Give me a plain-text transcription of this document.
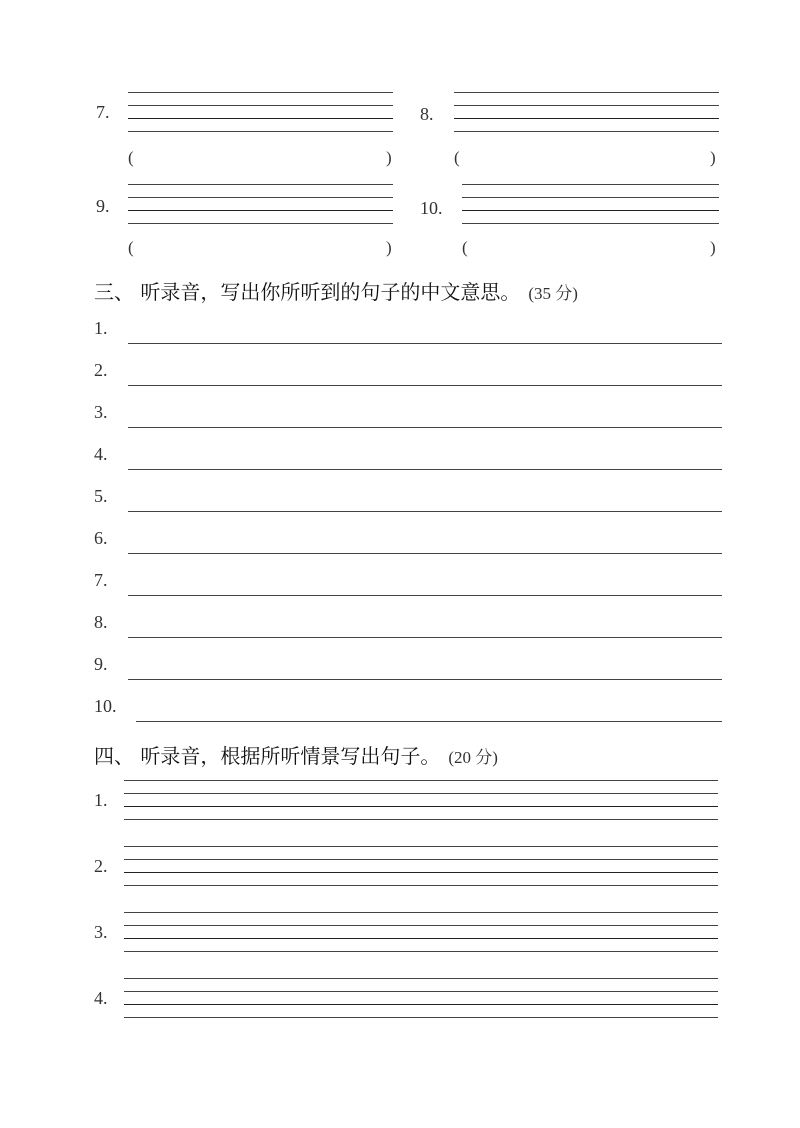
7.
(	)
8.
(	)
9.
(	)
10.
(	)
三、 听录音，写出你所听到的句子的中文意思。 (35 分)
1.
2.
3.
4.
5.
6.
7.
8.
9.
10.
四、 听录音，根据所听情景写出句子。 (20 分)
1.
2.
3.
4.
